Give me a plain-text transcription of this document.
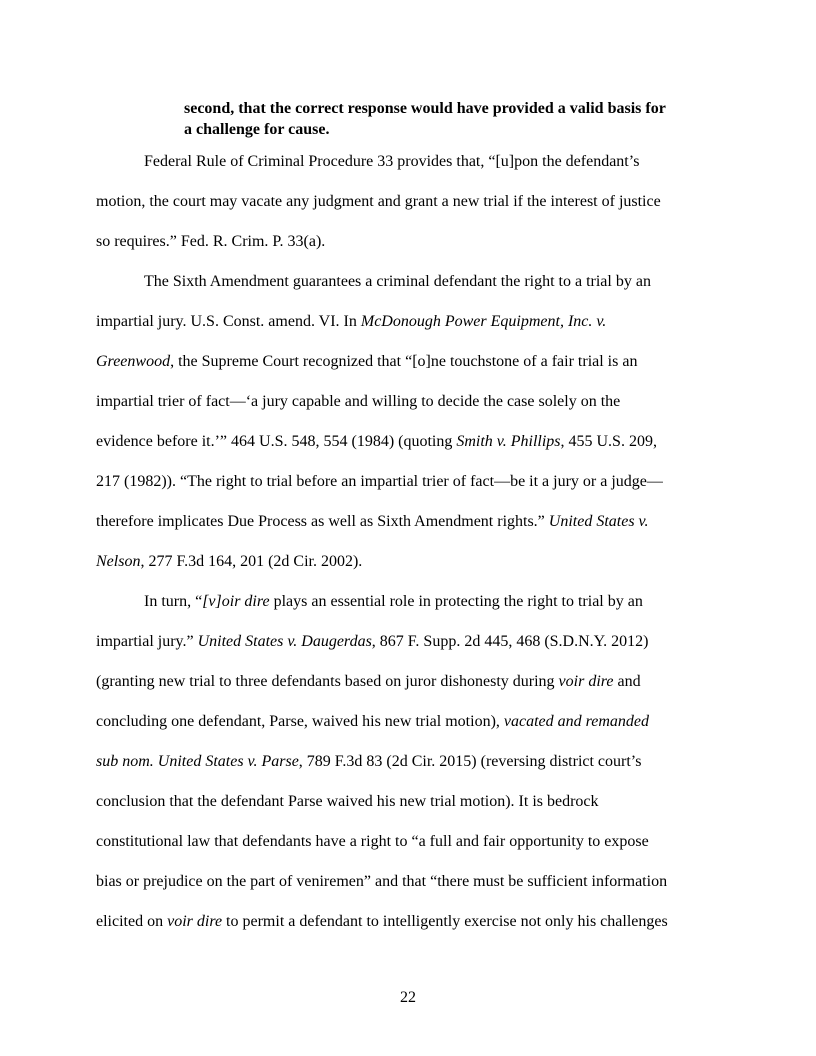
second, that the correct response would have provided a valid basis for
a challenge for cause.
Federal Rule of Criminal Procedure 33 provides that, “[u]pon the defendant’s
motion, the court may vacate any judgment and grant a new trial if the interest of justice
so requires.” Fed. R. Crim. P. 33(a).
The Sixth Amendment guarantees a criminal defendant the right to a trial by an
impartial jury. U.S. Const. amend. VI. In McDonough Power Equipment, Inc. v.
Greenwood, the Supreme Court recognized that “[o]ne touchstone of a fair trial is an
impartial trier of fact—‘a jury capable and willing to decide the case solely on the
evidence before it.’” 464 U.S. 548, 554 (1984) (quoting Smith v. Phillips, 455 U.S. 209,
217 (1982)). “The right to trial before an impartial trier of fact—be it a jury or a judge—
therefore implicates Due Process as well as Sixth Amendment rights.” United States v.
Nelson, 277 F.3d 164, 201 (2d Cir. 2002).
In turn, “[v]oir dire plays an essential role in protecting the right to trial by an
impartial jury.” United States v. Daugerdas, 867 F. Supp. 2d 445, 468 (S.D.N.Y. 2012)
(granting new trial to three defendants based on juror dishonesty during voir dire and
concluding one defendant, Parse, waived his new trial motion), vacated and remanded
sub nom. United States v. Parse, 789 F.3d 83 (2d Cir. 2015) (reversing district court’s
conclusion that the defendant Parse waived his new trial motion). It is bedrock
constitutional law that defendants have a right to “a full and fair opportunity to expose
bias or prejudice on the part of veniremen” and that “there must be sufficient information
elicited on voir dire to permit a defendant to intelligently exercise not only his challenges
22
